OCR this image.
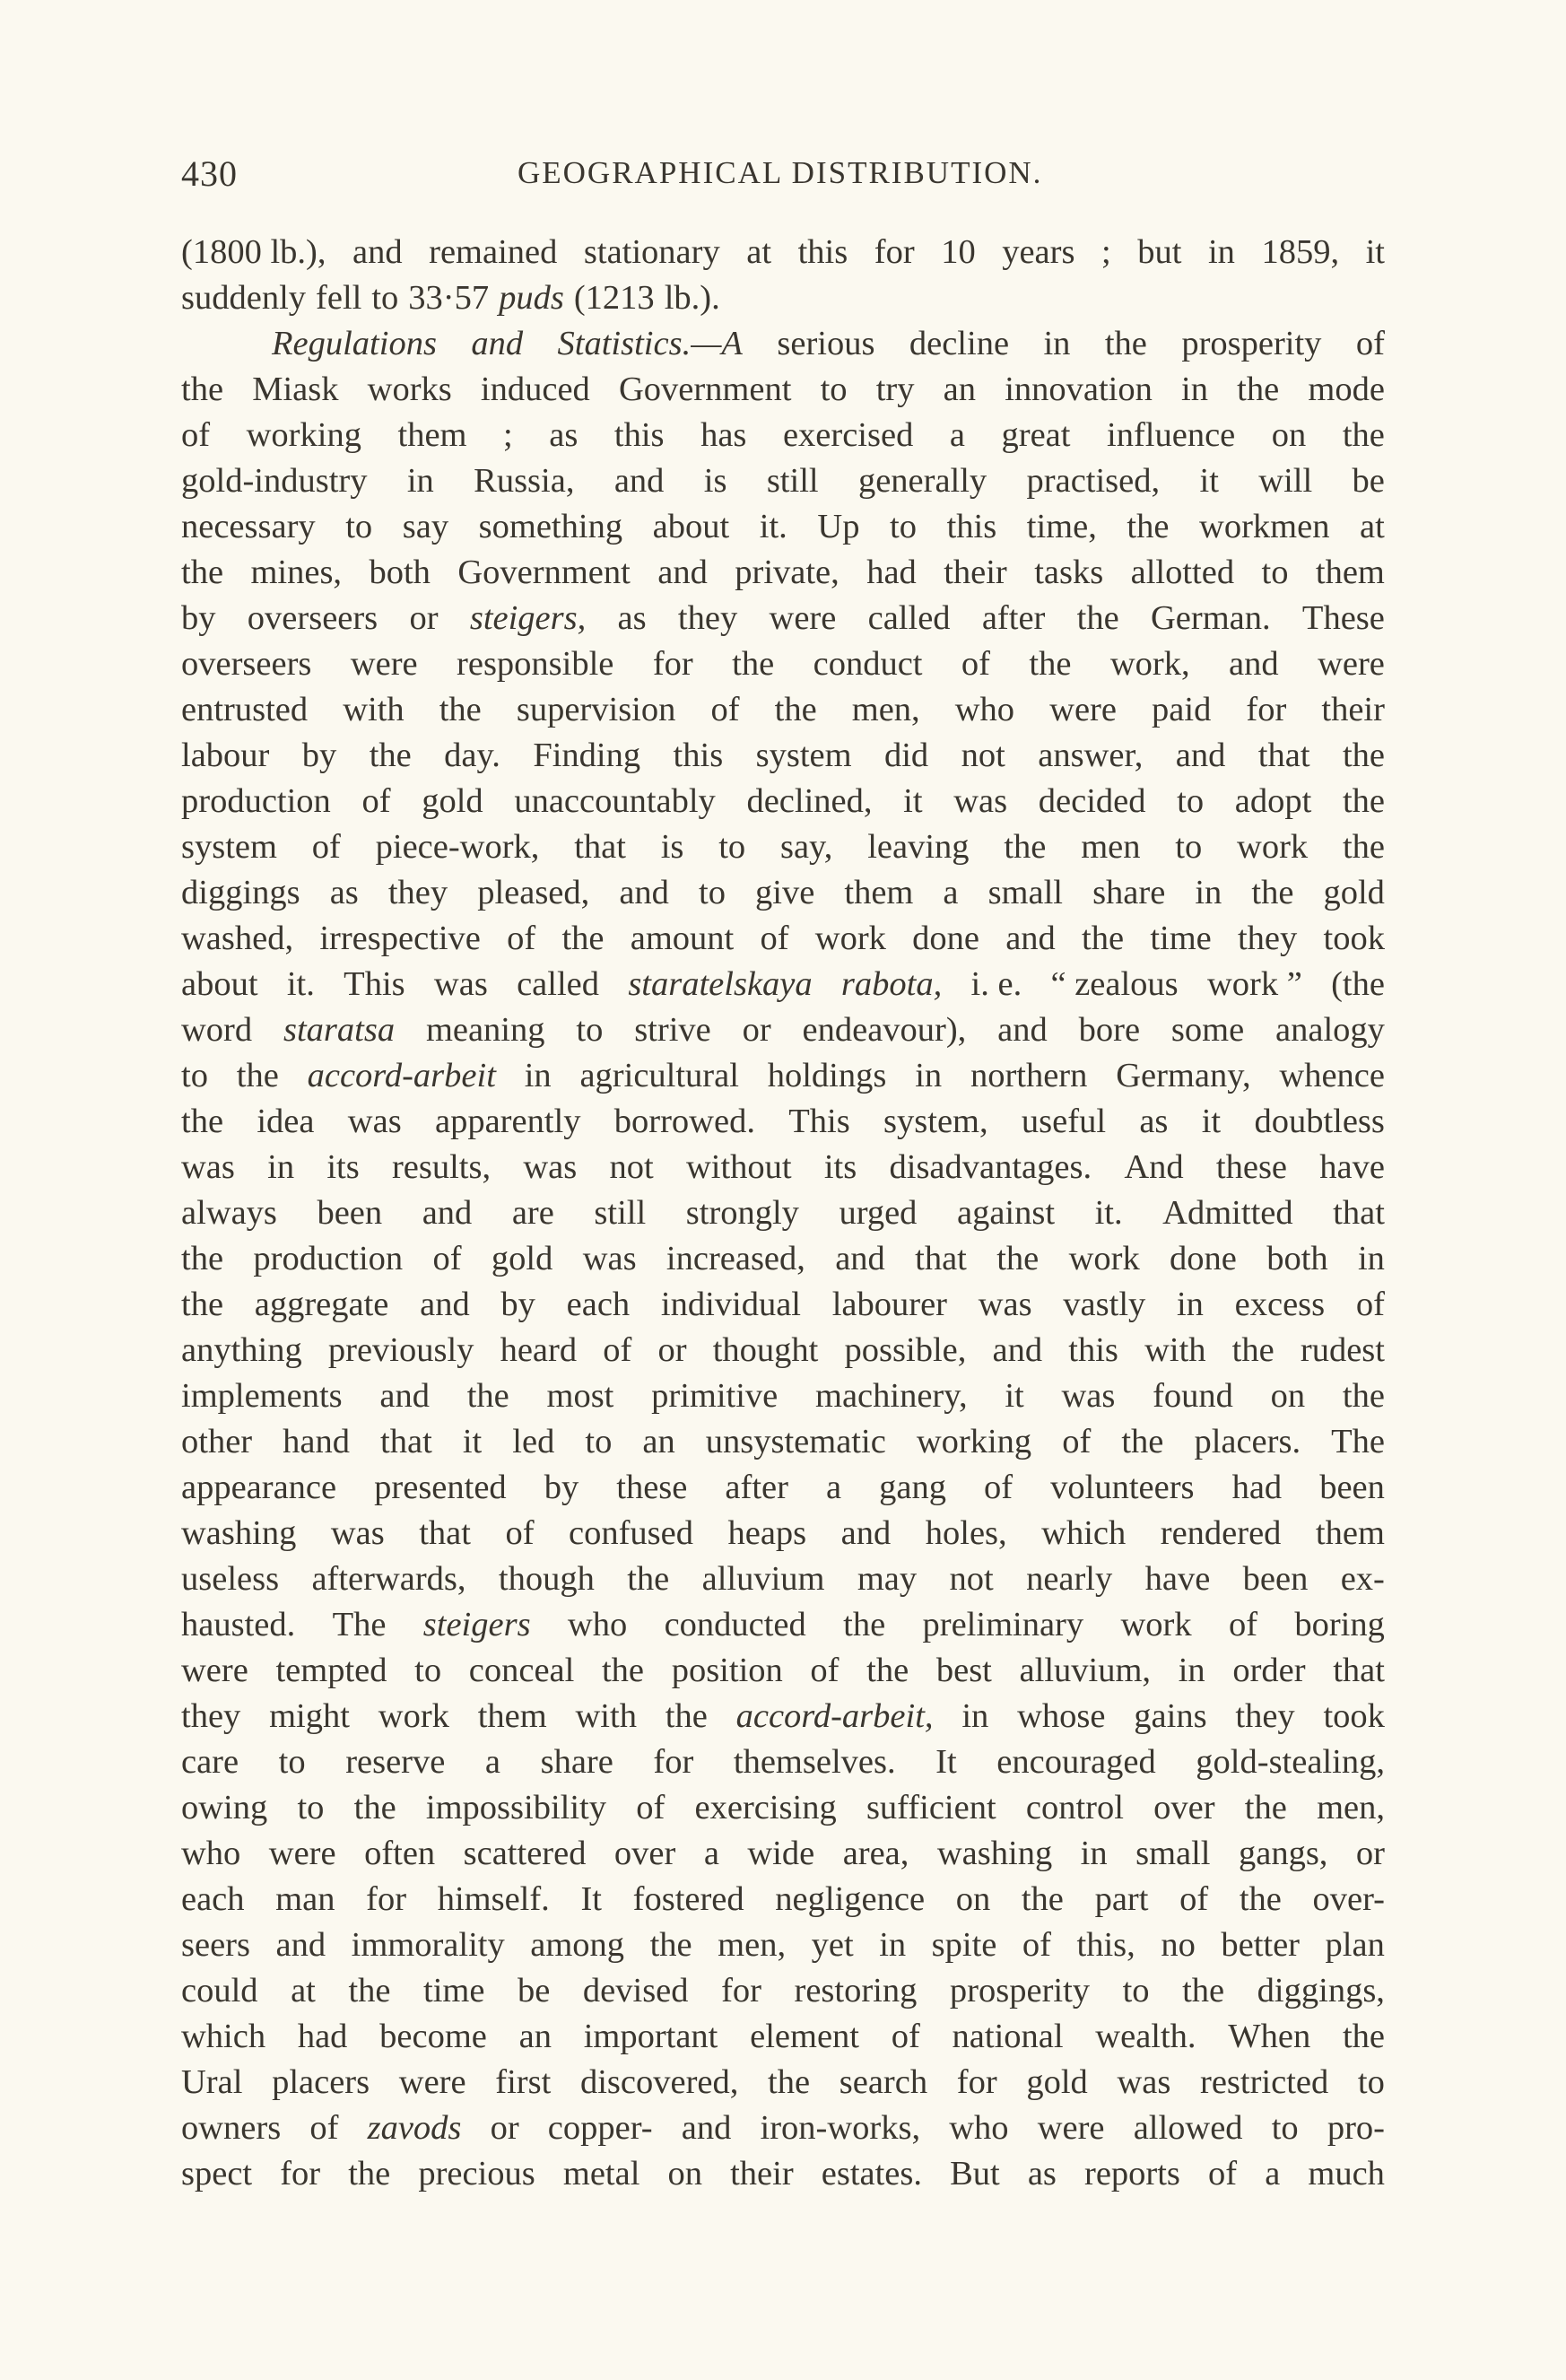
430	GEOGRAPHICAL DISTRIBUTION.
(1800 lb.), and remained stationary at this for 10 years ; but in 1859, it
suddenly fell to 33·57 puds (1213 lb.).
Regulations and Statistics.—A serious decline in the prosperity of
the Miask works induced Government to try an innovation in the mode
of working them ; as this has exercised a great influence on the
gold-industry in Russia, and is still generally practised, it will be
necessary to say something about it. Up to this time, the workmen at
the mines, both Government and private, had their tasks allotted to them
by overseers or steigers, as they were called after the German. These
overseers were responsible for the conduct of the work, and were
entrusted with the supervision of the men, who were paid for their
labour by the day. Finding this system did not answer, and that the
production of gold unaccountably declined, it was decided to adopt the
system of piece-work, that is to say, leaving the men to work the
diggings as they pleased, and to give them a small share in the gold
washed, irrespective of the amount of work done and the time they took
about it. This was called staratelskaya rabota, i. e. “ zealous work ” (the
word staratsa meaning to strive or endeavour), and bore some analogy
to the accord-arbeit in agricultural holdings in northern Germany, whence
the idea was apparently borrowed. This system, useful as it doubtless
was in its results, was not without its disadvantages. And these have
always been and are still strongly urged against it. Admitted that
the production of gold was increased, and that the work done both in
the aggregate and by each individual labourer was vastly in excess of
anything previously heard of or thought possible, and this with the rudest
implements and the most primitive machinery, it was found on the
other hand that it led to an unsystematic working of the placers. The
appearance presented by these after a gang of volunteers had been
washing was that of confused heaps and holes, which rendered them
useless afterwards, though the alluvium may not nearly have been ex-
hausted. The steigers who conducted the preliminary work of boring
were tempted to conceal the position of the best alluvium, in order that
they might work them with the accord-arbeit, in whose gains they took
care to reserve a share for themselves. It encouraged gold-stealing,
owing to the impossibility of exercising sufficient control over the men,
who were often scattered over a wide area, washing in small gangs, or
each man for himself. It fostered negligence on the part of the over-
seers and immorality among the men, yet in spite of this, no better plan
could at the time be devised for restoring prosperity to the diggings,
which had become an important element of national wealth. When the
Ural placers were first discovered, the search for gold was restricted to
owners of zavods or copper- and iron-works, who were allowed to pro-
spect for the precious metal on their estates. But as reports of a much
